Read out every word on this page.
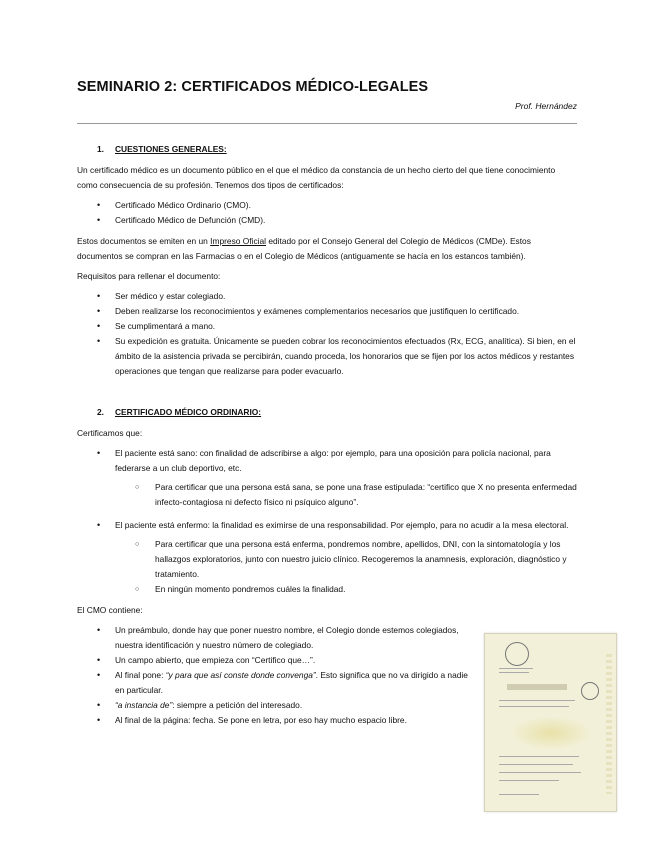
SEMINARIO 2: CERTIFICADOS MÉDICO-LEGALES
Prof. Hernández
1. CUESTIONES GENERALES:

Un certificado médico es un documento público en el que el médico da constancia de un hecho cierto del que tiene conocimiento como consecuencia de su profesión. Tenemos dos tipos de certificados:

• Certificado Médico Ordinario (CMO).
• Certificado Médico de Defunción (CMD).

Estos documentos se emiten en un Impreso Oficial editado por el Consejo General del Colegio de Médicos (CMDe). Estos documentos se compran en las Farmacias o en el Colegio de Médicos (antiguamente se hacía en los estancos también).

Requisitos para rellenar el documento:

• Ser médico y estar colegiado.
• Deben realizarse los reconocimientos y exámenes complementarios necesarios que justifiquen lo certificado.
• Se cumplimentará a mano.
• Su expedición es gratuita. Únicamente se pueden cobrar los reconocimientos efectuados (Rx, ECG, analítica). Si bien, en el ámbito de la asistencia privada se percibirán, cuando proceda, los honorarios que se fijen por los actos médicos y restantes operaciones que tengan que realizarse para poder evacuarlo.
2. CERTIFICADO MÉDICO ORDINARIO:

Certificamos que:

• El paciente está sano: con finalidad de adscribirse a algo: por ejemplo, para una oposición para policía nacional, para federarse a un club deportivo, etc.
○ Para certificar que una persona está sana, se pone una frase estipulada: “certifico que X no presenta enfermedad infecto-contagiosa ni defecto físico ni psíquico alguno”.
• El paciente está enfermo: la finalidad es eximirse de una responsabilidad. Por ejemplo, para no acudir a la mesa electoral.
○ Para certificar que una persona está enferma, pondremos nombre, apellidos, DNI, con la sintomatología y los hallazgos exploratorios, junto con nuestro juicio clínico. Recogeremos la anamnesis, exploración, diagnóstico y tratamiento.
○ En ningún momento pondremos cuáles la finalidad.

El CMO contiene:

• Un preámbulo, donde hay que poner nuestro nombre, el Colegio donde estemos colegiados, nuestra identificación y nuestro número de colegiado.
• Un campo abierto, que empieza con “Certifico que…”.
• Al final pone: “y para que así conste donde convenga”. Esto significa que no va dirigido a nadie en particular.
• “a instancia de”: siempre a petición del interesado.
• Al final de la página: fecha. Se pone en letra, por eso hay mucho espacio libre.
